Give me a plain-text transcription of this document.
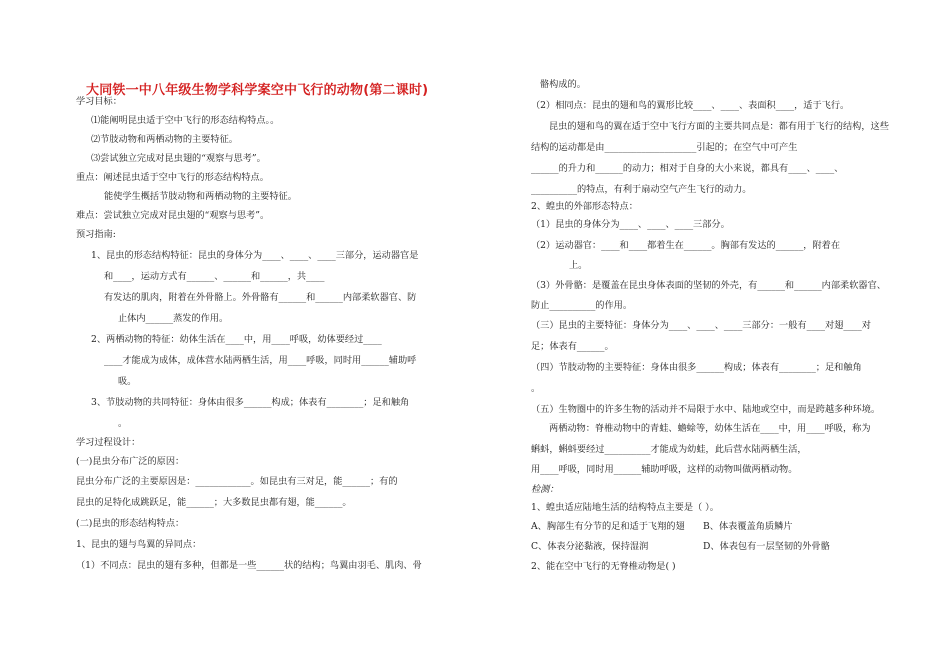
大同铁一中八年级生物学科学案空中飞行的动物(第二课时)
学习目标：
⑴能阐明昆虫适于空中飞行的形态结构特点。。
⑵节肢动物和两栖动物的主要特征。
⑶尝试独立完成对昆虫翅的“观察与思考”。
重点：阐述昆虫适于空中飞行的形态结构特点。
能使学生概括节肢动物和两栖动物的主要特征。
难点：尝试独立完成对昆虫翅的“观察与思考”。
预习指南:
1、昆虫的形态结构特征：昆虫的身体分为____、____、____三部分，运动器官是
和____，运动方式有______、______和______，共____
有发达的肌肉，附着在外骨骼上。外骨骼有______和______内部柔软器官、防
止体内______蒸发的作用。
2、两栖动物的特征：幼体生活在____中，用____呼吸，幼体要经过____
____才能成为成体，成体营水陆两栖生活，用____呼吸，同时用______辅助呼
吸。
3、节肢动物的共同特征：身体由很多______构成；体表有________；足和触角
。
学习过程设计：
(一)昆虫分布广泛的原因：
昆虫分布广泛的主要原因是：____________。如昆虫有三对足，能______；有的
昆虫的足特化成跳跃足，能______；大多数昆虫都有翅，能______。
(二)昆虫的形态结构特点：
1、昆虫的翅与鸟翼的异同点：
（1）不同点：昆虫的翅有多种，但都是一些______状的结构；鸟翼由羽毛、肌肉、骨
骼构成的。
（2）相同点：昆虫的翅和鸟的翼形比较____、____、表面积____，适于飞行。
昆虫的翅和鸟的翼在适于空中飞行方面的主要共同点是：都有用于飞行的结构，这些
结构的运动都是由____________________引起的；在空气中可产生
______的升力和______的动力；相对于自身的大小来说，都具有____、____、
__________的特点，有利于扇动空气产生飞行的动力。
2、蝗虫的外部形态特点：
（1）昆虫的身体分为____、____、____三部分。
（2）运动器官：____和____都着生在______。胸部有发达的______，附着在
上。
（3）外骨骼：是覆盖在昆虫身体表面的坚韧的外壳，有______和______内部柔软器官、
防止__________的作用。
（三）昆虫的主要特征：身体分为____、____、____三部分：一般有____对翅____对
足；体表有______。
（四）节肢动物的主要特征：身体由很多______构成；体表有________；足和触角
。
（五）生物圈中的许多生物的活动并不局限于水中、陆地或空中，而是跨越多种环境。
两栖动物：脊椎动物中的青蛙、蟾蜍等，幼体生活在____中，用____呼吸，称为
蝌蚪，蝌蚪要经过__________才能成为幼蛙，此后营水陆两栖生活，
用____呼吸，同时用______辅助呼吸，这样的动物叫做两栖动物。
检测：
1、蝗虫适应陆地生活的结构特点主要是（ ）。
A、胸部生有分节的足和适于飞翔的翅 B、体表覆盖角质鳞片
C、体表分泌黏液，保持湿润	D、体表包有一层坚韧的外骨骼
2、能在空中飞行的无脊椎动物是( )
